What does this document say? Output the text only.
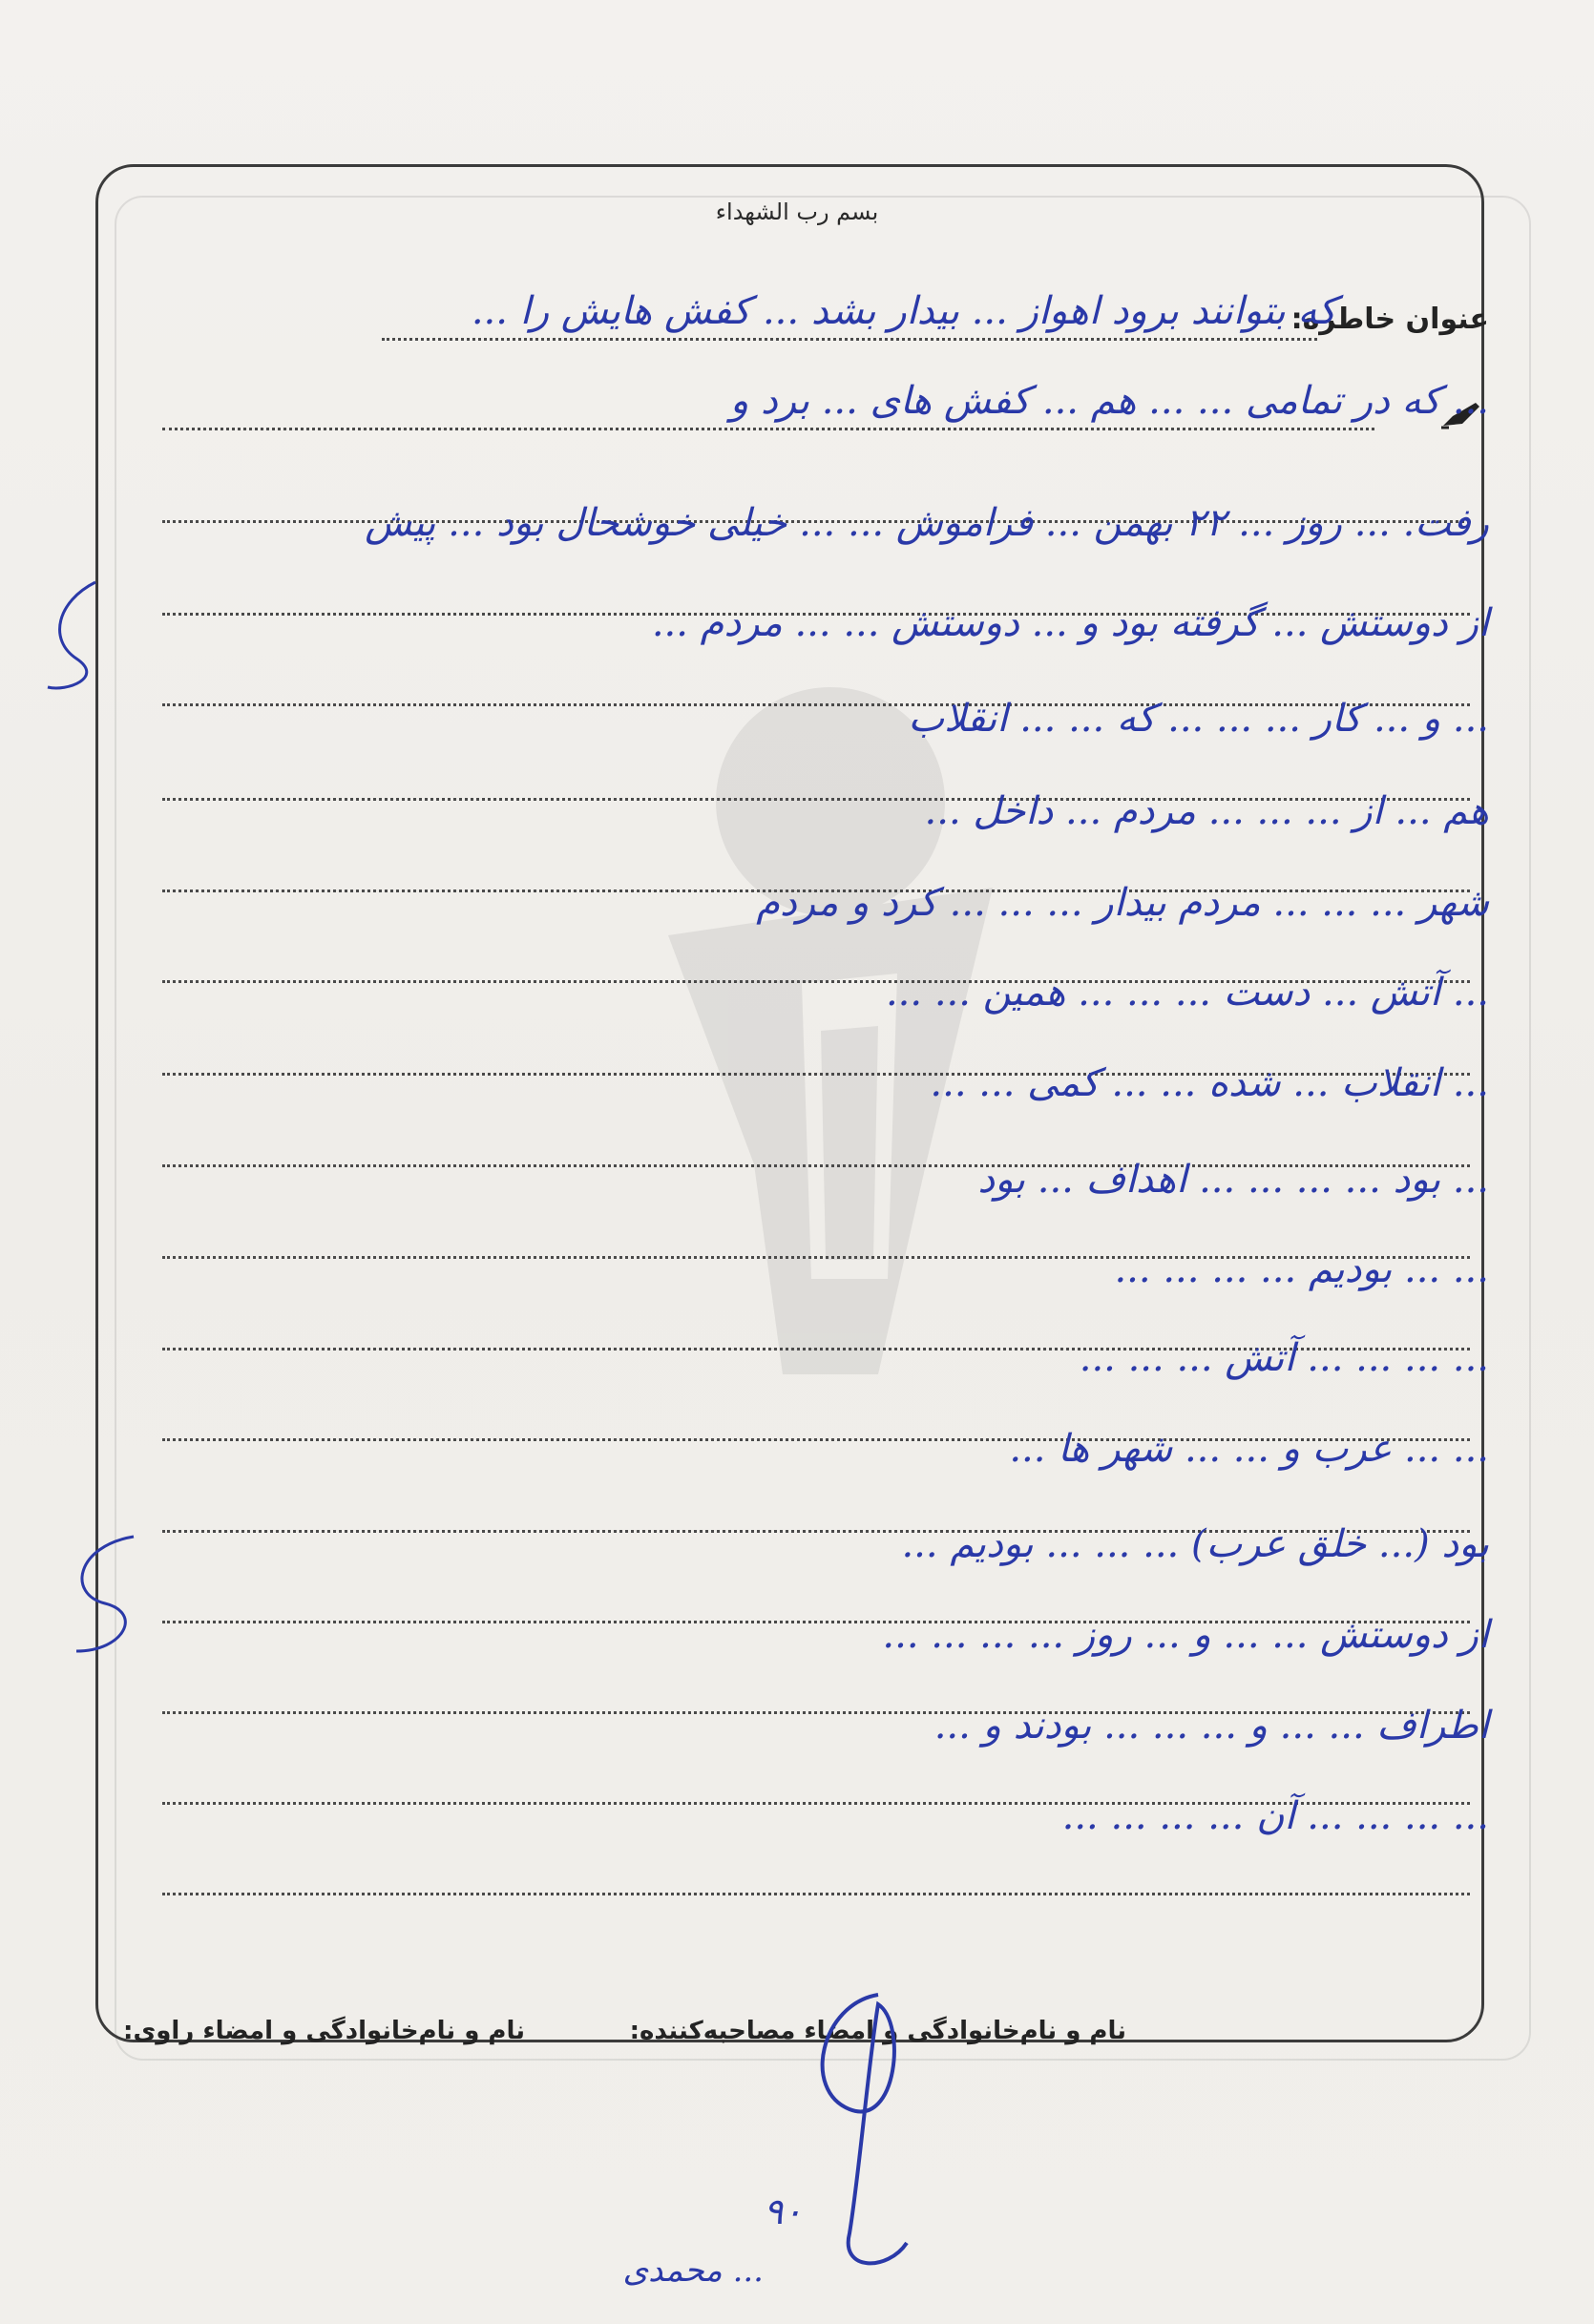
بسم رب الشهداء
عنوان خاطره:
که بتوانند برود اهواز ... بیدار بشد ... کفش هایش را ...
... که در تمامی ... ... هم ... کفش های ... برد و
رفت. ... روز ... ۲۲ بهمن ... فراموش ... ... خیلی خوشحال بود ... پیش
از دوستش ... گرفته بود و ... دوستش ... ... مردم ...
... و ... کار ... ... ... که ... ... انقلاب
هم ... از ... ... ... مردم ... داخل ...
شهر ... ... ... مردم بیدار ... ... ... کرد و مردم
... آتش ... دست ... ... ... همین ... ...
... انقلاب ... شده ... ... کمی ... ...
... بود ... ... ... ... اهداف ... بود
... ... بودیم ... ... ... ...
... ... ... ... آتش ... ... ...
... ... عرب و ... ... شهر ها ...
بود (... خلق عرب) ... ... ... بودیم ...
از دوستش ... ... و ... روز ... ... ... ...
اطراف ... ... و ... ... ... بودند و ...
... ... ... ... آن ... ... ... ...
نام و نام‌خانوادگی و امضاء مصاحبه‌کننده:
نام و نام‌خانوادگی و امضاء راوی:
۹۰
... محمدی
